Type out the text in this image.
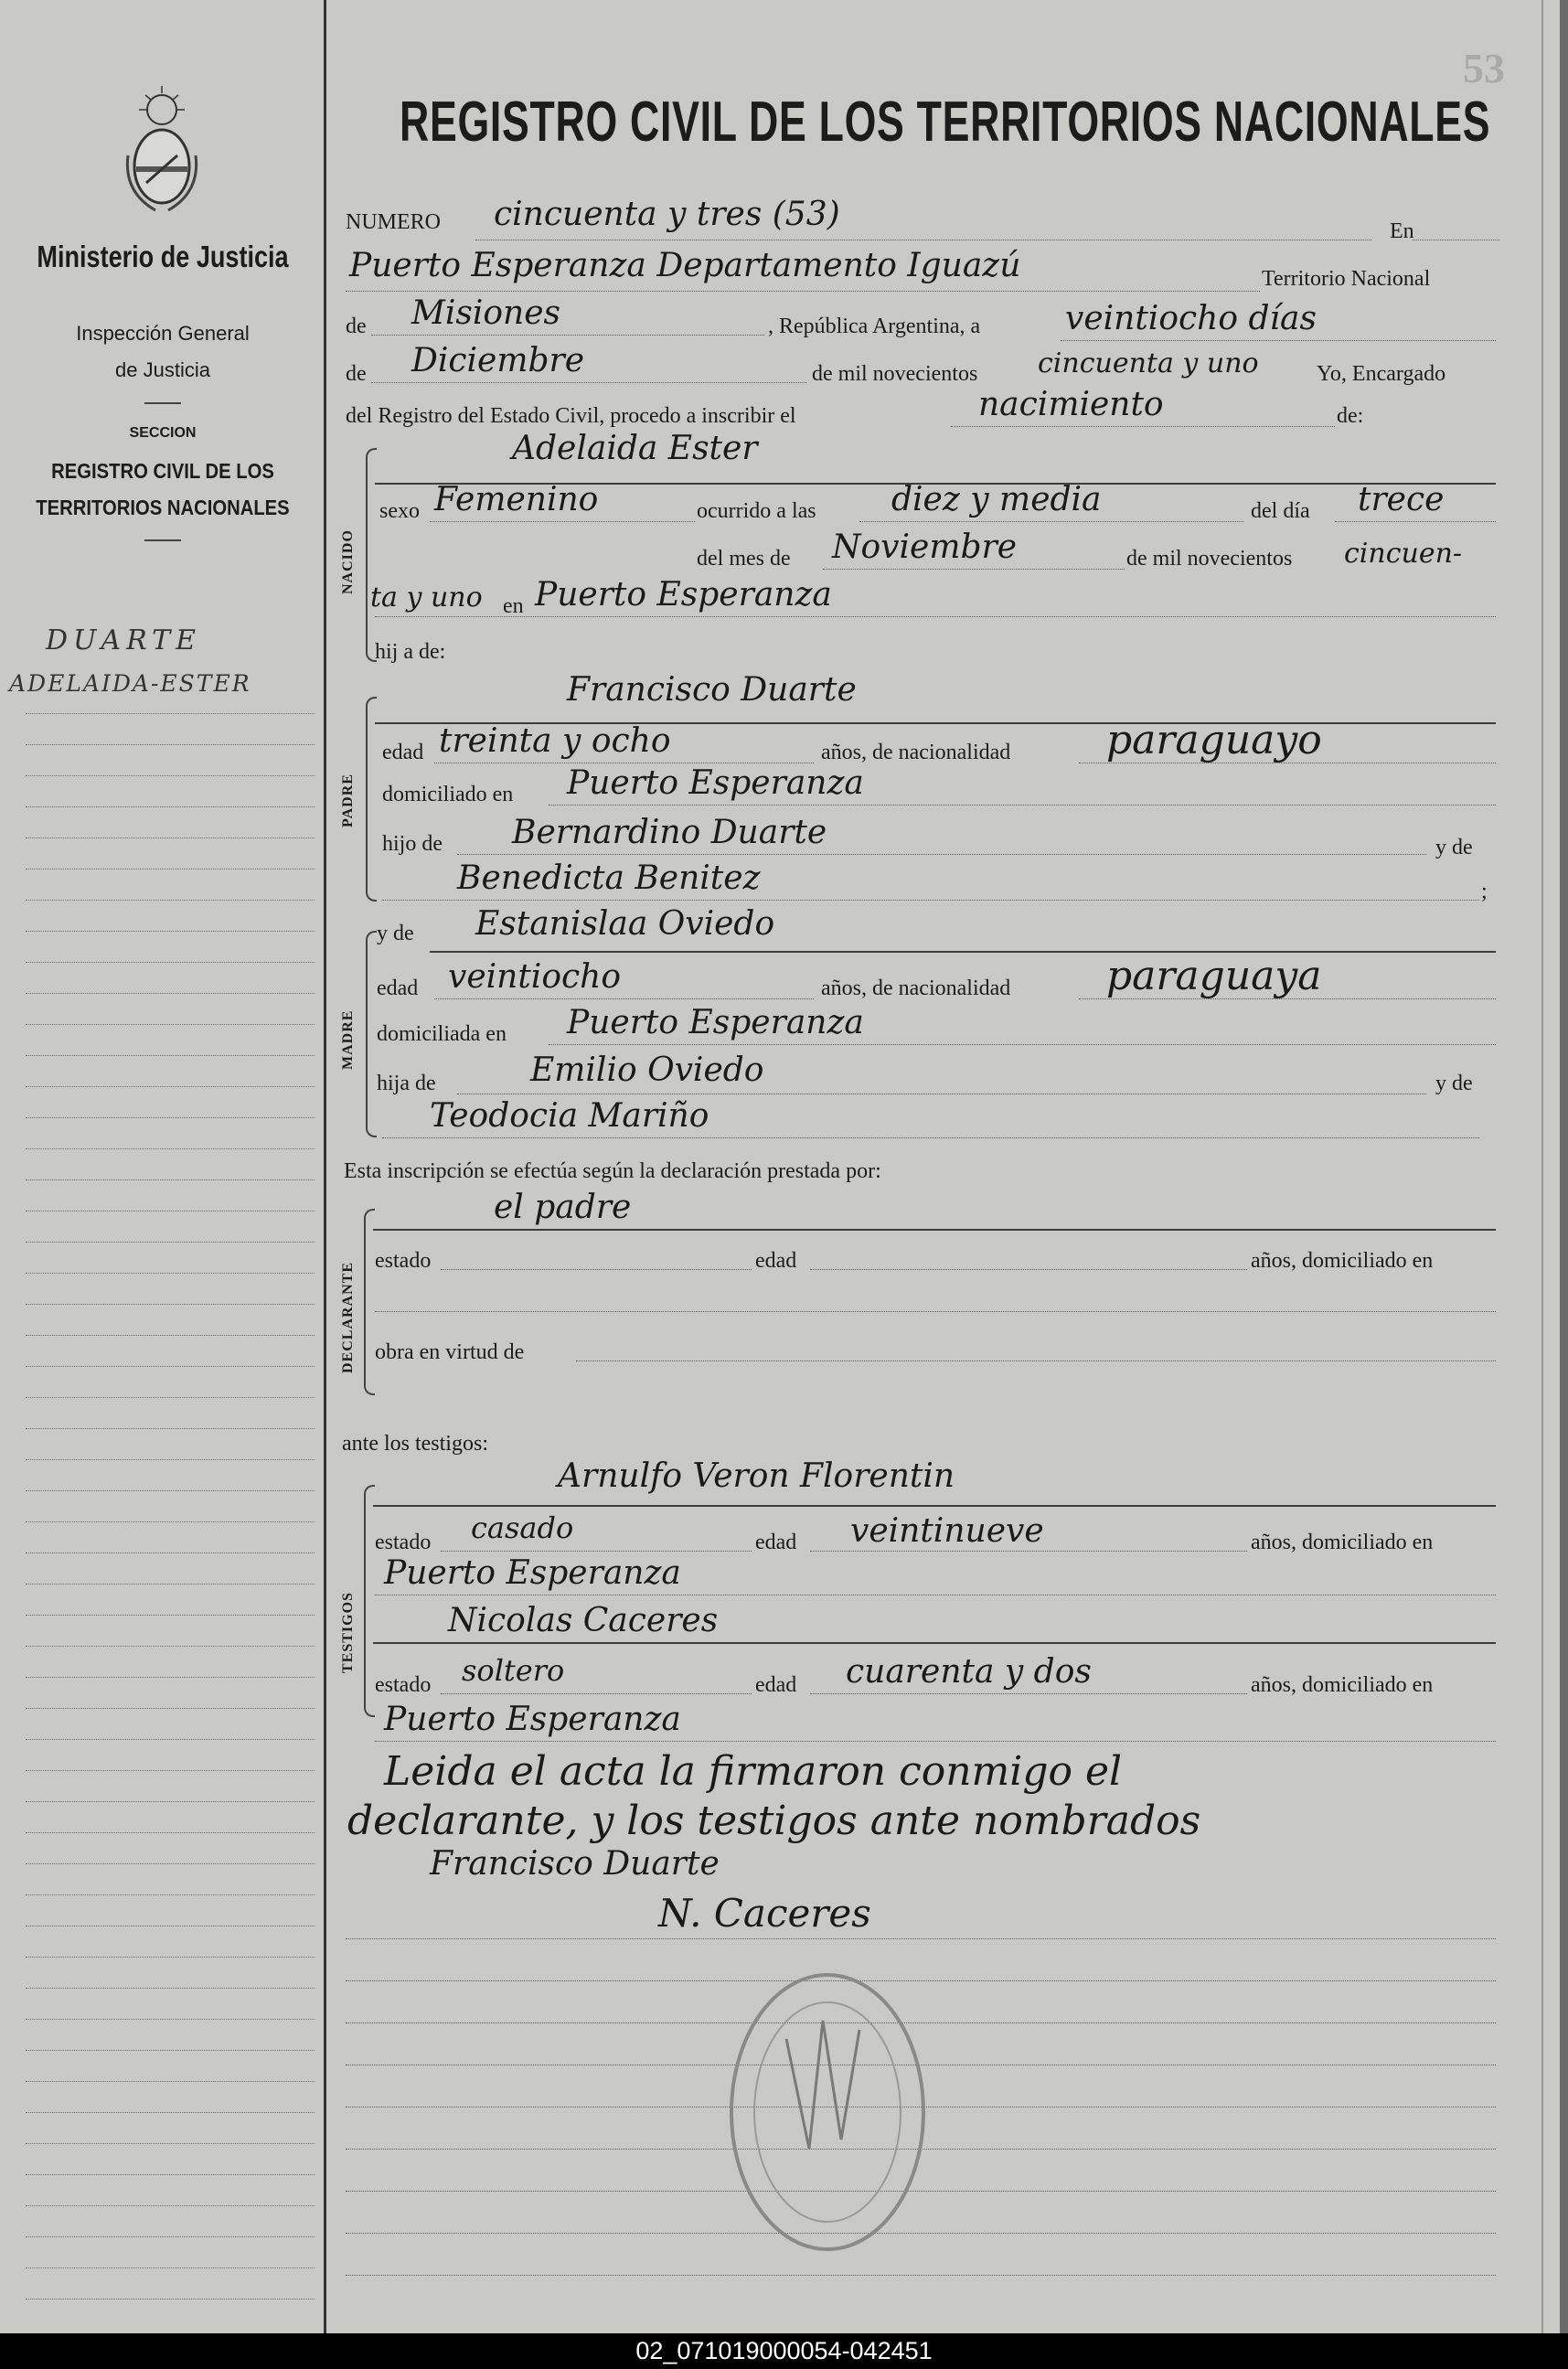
Ministerio de Justicia
Inspección General
de Justicia
SECCION
REGISTRO CIVIL DE LOS
TERRITORIOS NACIONALES
DUARTE
ADELAIDA-ESTER
53
REGISTRO CIVIL DE LOS TERRITORIOS NACIONALES
NUMERO cincuenta y tres (53)	En
Puerto Esperanza Departamento Iguazú	Territorio Nacional
de Misiones	, República Argentina, a	veintiocho días
de Diciembre	de mil novecientos cincuenta y uno	Yo, Encargado
del Registro del Estado Civil, procedo a inscribir el	nacimiento	de:
NACIDO
Adelaida Ester
sexo Femenino	ocurrido a las diez y media	del día trece
del mes de Noviembre	de mil novecientos cincuen-
ta y uno en Puerto Esperanza
hij a de:
PADRE
Francisco Duarte
edad treinta y ocho	años, de nacionalidad paraguayo
domiciliado en Puerto Esperanza
hijo de Bernardino Duarte	y de
Benedicta Benitez	;
MADRE
y de Estanislaa Oviedo
edad veintiocho	años, de nacionalidad paraguaya
domiciliada en Puerto Esperanza
hija de	Emilio Oviedo	y de
Teodocia Mariño
Esta inscripción se efectúa según la declaración prestada por:
DECLARANTE
el padre
estado	edad	años, domiciliado en
obra en virtud de
ante los testigos:
TESTIGOS
Arnulfo Veron Florentin
estado casado	edad veintinueve	años, domiciliado en
Puerto Esperanza
Nicolas Caceres
estado soltero	edad cuarenta y dos	años, domiciliado en
Puerto Esperanza
Leida el acta la firmaron conmigo el
declarante, y los testigos ante nombrados
Francisco Duarte
N. Caceres
02_071019000054-042451
